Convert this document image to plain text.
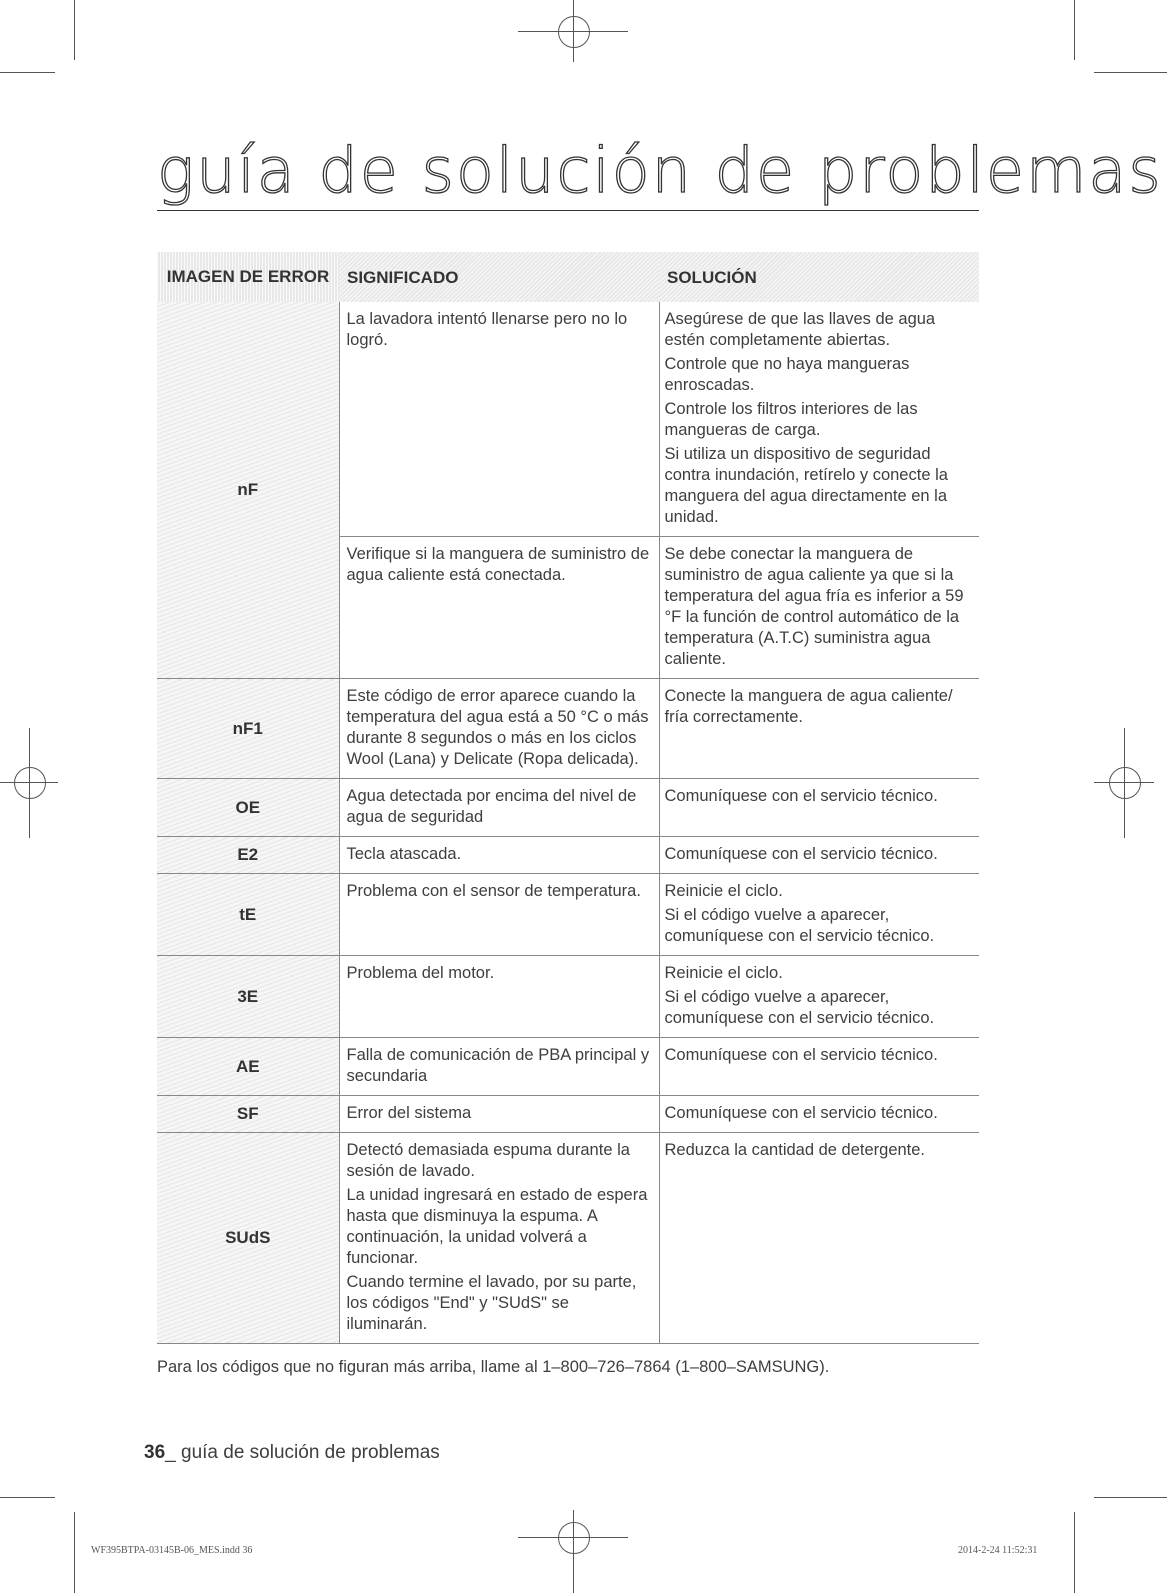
guía de solución de problemas
IMAGEN DE ERROR	SIGNIFICADO	SOLUCIÓN
nF	La lavadora intentó llenarse pero no lo logró.	Asegúrese de que las llaves de agua estén completamente abiertas.

Controle que no haya mangueras enroscadas.

Controle los filtros interiores de las mangueras de carga.

Si utiliza un dispositivo de seguridad contra inundación, retírelo y conecte la manguera del agua directamente en la unidad.

	Verifique si la manguera de suministro de agua caliente está conectada.	Se debe conectar la manguera de suministro de agua caliente ya que si la temperatura del agua fría es inferior a 59 °F la función de control automático de la temperatura (A.T.C) suministra agua caliente.

nF1	Este código de error aparece cuando la temperatura del agua está a 50 °C o más durante 8 segundos o más en los ciclos Wool (Lana) y Delicate (Ropa delicada).	Conecte la manguera de agua caliente/ fría correctamente.

OE	Agua detectada por encima del nivel de agua de seguridad	Comuníquese con el servicio técnico.

E2	Tecla atascada.	Comuníquese con el servicio técnico.

tE	Problema con el sensor de temperatura.	Reinicie el ciclo.

Si el código vuelve a aparecer, comuníquese con el servicio técnico.

3E	Problema del motor.	Reinicie el ciclo.

Si el código vuelve a aparecer, comuníquese con el servicio técnico.

AE	Falla de comunicación de PBA principal y secundaria	Comuníquese con el servicio técnico.

SF	Error del sistema	Comuníquese con el servicio técnico.

SUdS	Detectó demasiada espuma durante la sesión de lavado.

La unidad ingresará en estado de espera hasta que disminuya la espuma. A continuación, la unidad volverá a funcionar.

Cuando termine el lavado, por su parte, los códigos "End" y "SUdS" se iluminarán.	Reduzca la cantidad de detergente.

Para los códigos que no figuran más arriba, llame al 1–800–726–7864 (1–800–SAMSUNG).
36_ guía de solución de problemas
WF395BTPA-03145B-06_MES.indd 36	2014-2-24 11:52:31
